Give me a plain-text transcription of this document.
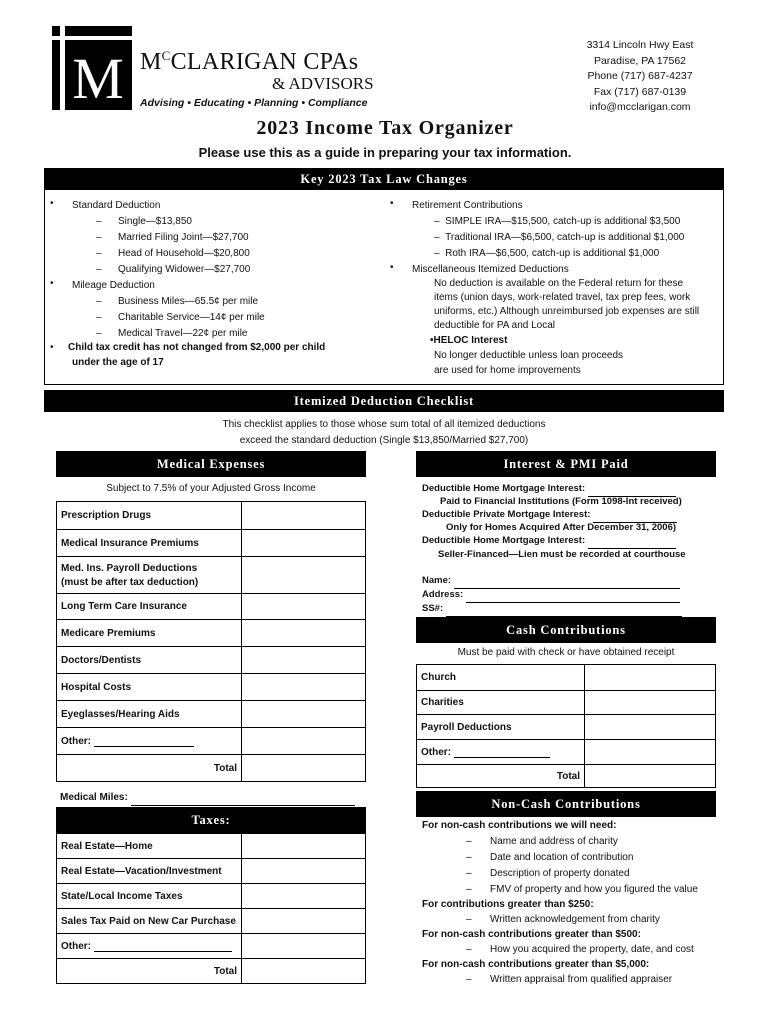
M $M^CCLARIGAN$ CPAs
& ADVISORS
Advising • Educating • Planning • Compliance
3314 Lincoln Hwy East
Paradise, PA 17562
Phone (717) 687-4237
Fax (717) 687-0139
info@mcclarigan.com
2023 Income Tax Organizer
Please use this as a guide in preparing your tax information.
Key 2023 Tax Law Changes
• Standard Deduction
– Single—$13,850
– Married Filing Joint—$27,700
– Head of Household—$20,800
– Qualifying Widower—$27,700
• Mileage Deduction
– Business Miles—65.5¢ per mile
– Charitable Service—14¢ per mile
– Medical Travel—22¢ per mile
• Child tax credit has not changed from $2,000 per child
under the age of 17
• Retirement Contributions
–  SIMPLE IRA—$15,500, catch-up is additional $3,500
–  Traditional IRA—$6,500, catch-up is additional $1,000
–  Roth IRA—$6,500, catch-up is additional $1,000
• Miscellaneous Itemized Deductions
No deduction is available on the Federal return for these
items (union days, work-related travel, tax prep fees, work
uniforms, etc.) Although unreimbursed job expenses are still
deductible for PA and Local
•HELOC Interest
No longer deductible unless loan proceeds
are used for home improvements
Itemized Deduction Checklist
This checklist applies to those whose sum total of all itemized deductions
exceed the standard deduction (Single $13,850/Married $27,700)
Medical Expenses
Subject to 7.5% of your Adjusted Gross Income
Prescription Drugs	
Medical Insurance Premiums	

Med. Ins. Payroll Deductions
(must be after tax deduction)	

Long Term Care Insurance	
Medicare Premiums	
Doctors/Dentists	
Hospital Costs	
Eyeglasses/Hearing Aids	
Other:	
Total	
Medical Miles:
Taxes:
Real Estate—Home	
Real Estate—Vacation/Investment	
State/Local Income Taxes	
Sales Tax Paid on New Car Purchase	
Other:	
Total	
Interest & PMI Paid
Deductible Home Mortgage Interest:
Paid to Financial Institutions (Form 1098-Int received)
Deductible Private Mortgage Interest:
Only for Homes Acquired After December 31, 2006)
Deductible Home Mortgage Interest:
Seller-Financed—Lien must be recorded at courthouse
Name:
Address:
SS#:
Cash Contributions
Must be paid with check or have obtained receipt
Church	
Charities	
Payroll Deductions	
Other:	
Total	
Non-Cash Contributions
For non-cash contributions we will need:
– Name and address of charity
– Date and location of contribution
– Description of property donated
– FMV of property and how you figured the value
For contributions greater than $250:
– Written acknowledgement from charity
For non-cash contributions greater than $500:
– How you acquired the property, date, and cost
For non-cash contributions greater than $5,000:
– Written appraisal from qualified appraiser
